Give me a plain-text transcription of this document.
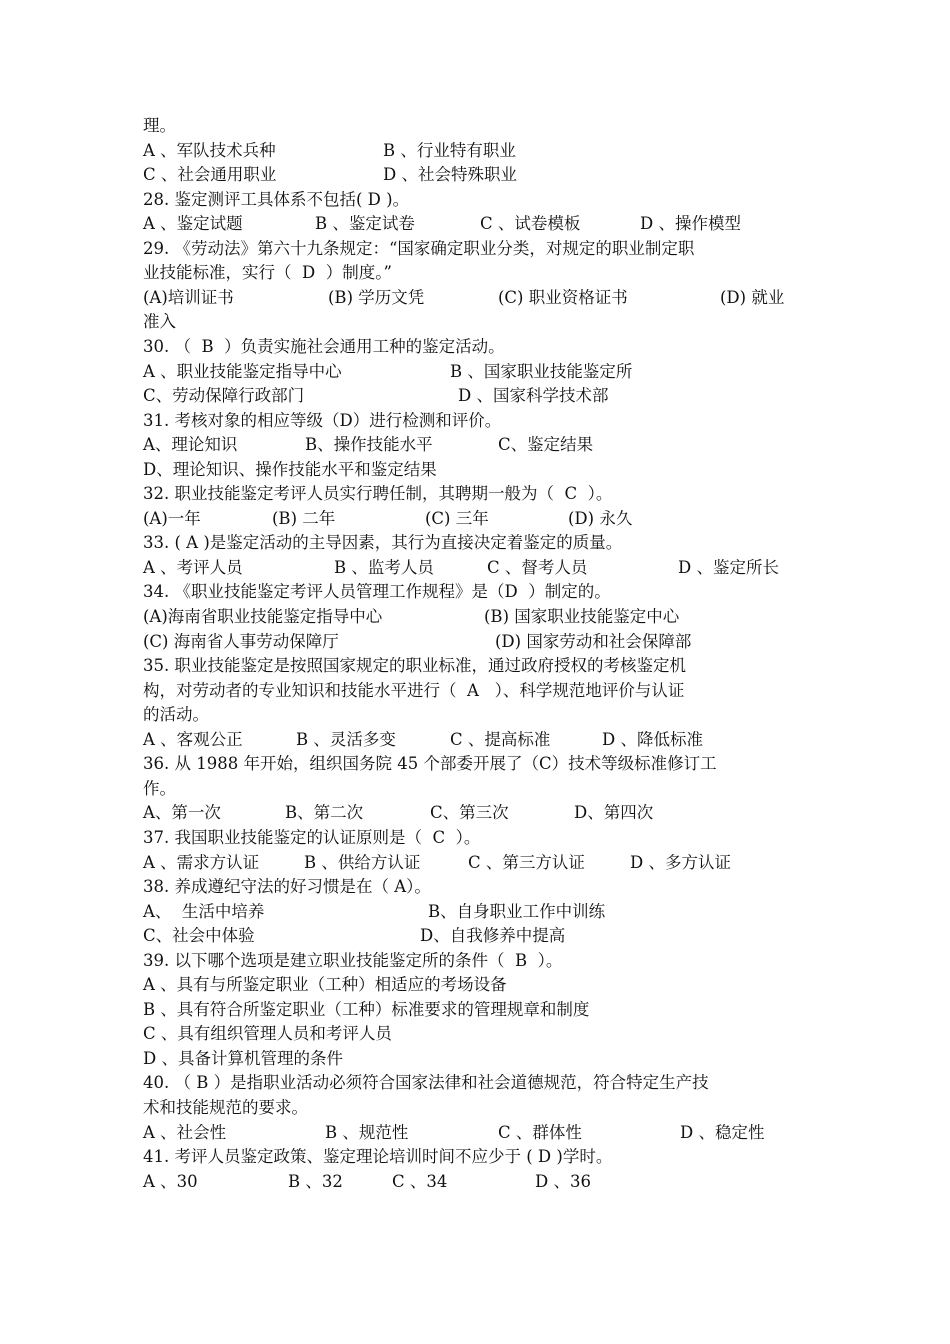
理。
A 、军队技术兵种	B 、行业特有职业
C 、社会通用职业	D 、社会特殊职业
28. 鉴定测评工具体系不包括( D )。
A 、鉴定试题	B 、鉴定试卷	C 、试卷模板	D 、操作模型
29. 《劳动法》第六十九条规定：“国家确定职业分类，对规定的职业制定职
业技能标准，实行（  D  ）制度。”
(A)培训证书	(B) 学历文凭	(C) 职业资格证书	(D) 就业
准入
30. （  B  ）负责实施社会通用工种的鉴定活动。
A 、职业技能鉴定指导中心	B 、国家职业技能鉴定所
C、劳动保障行政部门	D 、国家科学技术部
31. 考核对象的相应等级（D）进行检测和评价。
A、理论知识	B、操作技能水平	C、鉴定结果
D、理论知识、操作技能水平和鉴定结果
32. 职业技能鉴定考评人员实行聘任制，其聘期一般为（  C  ）。
(A)一年	(B) 二年	(C) 三年	(D) 永久
33. ( A )是鉴定活动的主导因素，其行为直接决定着鉴定的质量。
A 、考评人员	B 、监考人员	C 、督考人员	D 、鉴定所长
34. 《职业技能鉴定考评人员管理工作规程》是（D  ）制定的。
(A)海南省职业技能鉴定指导中心	(B) 国家职业技能鉴定中心
(C) 海南省人事劳动保障厅	(D) 国家劳动和社会保障部
35. 职业技能鉴定是按照国家规定的职业标准，通过政府授权的考核鉴定机
构，对劳动者的专业知识和技能水平进行（  A   ）、科学规范地评价与认证
的活动。
A 、客观公正	B 、灵活多变	C 、提高标准	D 、降低标准
36. 从 1988 年开始，组织国务院 45 个部委开展了（C）技术等级标准修订工
作。
A、第一次	B、第二次	C、第三次	D、第四次
37. 我国职业技能鉴定的认证原则是（  C  ）。
A 、需求方认证	B 、供给方认证	C 、第三方认证	D 、多方认证
38. 养成遵纪守法的好习惯是在（ A）。
A、  生活中培养	B、自身职业工作中训练
C、社会中体验	D、自我修养中提高
39. 以下哪个选项是建立职业技能鉴定所的条件（  B  ）。
A 、具有与所鉴定职业（工种）相适应的考场设备
B 、具有符合所鉴定职业（工种）标准要求的管理规章和制度
C 、具有组织管理人员和考评人员
D 、具备计算机管理的条件
40. （ B ）是指职业活动必须符合国家法律和社会道德规范，符合特定生产技
术和技能规范的要求。
A 、社会性	B 、规范性	C 、群体性	D 、稳定性
41. 考评人员鉴定政策、鉴定理论培训时间不应少于 ( D )学时。
A 、30	B 、32	C 、34	D 、36
